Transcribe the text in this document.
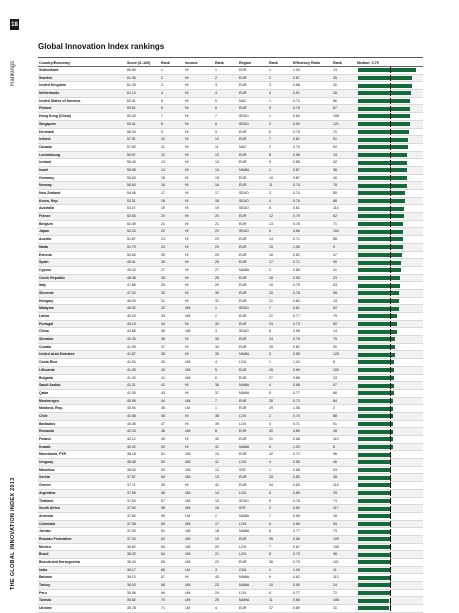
18
Rankings
THE GLOBAL INNOVATION INDEX 2013
Global Innovation Index rankings
Country/Economy	Score (0–100)	Rank	Income	Rank	Region	Rank	Efficiency Ratio	Rank	Median: 0.79
Switzerland	66.59	1	HI	1	EUR	1	1.00	13	

Sweden	61.36	2	HI	2	EUR	2	0.87	35	

United Kingdom	61.25	3	HI	3	EUR	3	0.88	30	

Netherlands	61.14	4	HI	4	EUR	4	0.91	26	

United States of America	60.31	5	HI	5	NAC	1	0.74	86	

Finland	59.51	6	HI	6	EUR	5	0.76	67	

Hong Kong (China)	59.43	7	HI	7	SEAO	1	0.64	108	

Singapore	59.41	8	HI	8	SEAO	2	0.54	121	

Denmark	58.34	9	HI	9	EUR	6	0.76	70	

Ireland	57.91	10	HI	10	EUR	7	0.81	51	

Canada	57.60	11	HI	11	NAC	2	0.70	92	

Luxembourg	56.57	12	HI	12	EUR	8	0.96	19	

Iceland	56.40	13	HI	13	EUR	9	0.88	32	

Israel	55.98	14	HI	14	NAWA	1	0.87	36	

Germany	55.83	15	HI	15	EUR	10	0.87	40	

Norway	55.64	16	HI	16	EUR	11	0.74	78	

New Zealand	54.46	17	HI	17	SEAO	3	0.74	80	

Korea, Rep.	53.31	18	HI	18	SEAO	4	0.76	68	

Australia	53.07	19	HI	19	SEAO	5	0.61	114	

France	52.83	20	HI	20	EUR	12	0.79	62	

Belgium	52.49	21	HI	21	EUR	13	0.76	71	

Japan	52.23	22	HI	22	SEAO	6	0.66	104	

Austria	51.87	23	HI	23	EUR	14	0.71	88	

Malta	51.79	24	HI	24	EUR	15	1.06	9	

Estonia	50.60	25	HI	25	EUR	16	0.82	47	

Spain	49.41	26	HI	26	EUR	17	0.71	90	

Cyprus	49.32	27	HI	27	NAWA	2	0.86	41	

Czech Republic	48.36	28	HI	28	EUR	18	0.93	23	

Italy	47.85	29	HI	29	EUR	19	0.79	63	

Slovenia	47.32	30	HI	30	EUR	20	0.76	65	

Hungary	46.93	31	HI	31	EUR	21	0.84	43	

Malaysia	46.92	32	UM	1	SEAO	7	0.81	52	

Latvia	45.24	33	UM	2	EUR	22	0.77	79	

Portugal	45.10	34	HI	32	EUR	23	0.73	82	

China	44.66	35	UM	3	SEAO	8	0.98	14	

Slovakia	42.25	36	HI	33	EUR	24	0.75	75	

Croatia	41.95	37	HI	34	EUR	25	0.82	50	

United Arab Emirates	41.87	38	HI	35	NAWA	3	0.55	123	

Costa Rica	41.54	39	UM	4	LCN	1	1.02	8	

Lithuania	41.39	40	UM	5	EUR	26	0.69	100	

Bulgaria	41.33	41	UM	6	EUR	27	0.88	33	

Saudi Arabia	41.21	42	HI	36	NAWA	4	0.68	97	

Qatar	41.00	43	HI	37	NAWA	5	0.77	66	

Montenegro	40.95	44	UM	7	EUR	28	0.73	84	

Moldova, Rep.	40.94	45	LM	1	EUR	29	1.08	2	

Chile	40.58	46	HI	38	LCN	2	0.74	88	

Barbados	40.48	47	HI	39	LCN	3	0.71	91	

Romania	40.33	48	UM	8	EUR	30	0.89	28	

Poland	40.12	49	HI	40	EUR	31	0.68	110	

Kuwait	40.02	50	HI	41	NAWA	6	1.03	8	

Macedonia, FYR	38.18	51	UM	10	EUR	32	0.72	96	

Uruguay	38.08	52	UM	11	LCN	4	0.85	46	

Mauritius	38.00	53	UM	12	SSF	1	0.68	93	

Serbia	37.87	54	UM	13	EUR	33	0.83	45	

Greece	37.71	55	HI	42	EUR	34	0.63	115	

Argentina	37.66	56	UM	14	LCN	5	0.89	29	

Thailand	37.63	57	UM	15	SEAO	9	0.76	74	

South Africa	37.60	58	UM	16	SSF	2	0.60	117	

Armenia	37.60	59	LM	2	NAWA	7	0.96	18	

Colombia	37.38	60	UM	17	LCN	6	0.69	99	

Jordan	37.30	61	UM	18	NAWA	8	0.77	73	

Russian Federation	37.20	62	UM	19	EUR	35	0.66	109	

Mexico	36.82	63	UM	20	LCN	7	0.67	106	

Brazil	36.33	64	UM	21	LCN	8	0.70	98	

Bosnia and Herzegovina	36.24	65	UM	22	EUR	36	0.70	101	

India	36.17	66	LM	3	CSA	1	1.00	11	

Bahrain	36.13	67	HI	43	NAWA	9	0.62	113	

Turkey	36.03	68	UM	23	NAWA	10	0.90	24	

Peru	35.96	69	UM	24	LCN	9	0.77	72	

Tunisia	35.82	70	UM	25	NAWA	11	0.66	106	

Ukraine	35.78	71	LM	4	EUR	37	0.89	31	
